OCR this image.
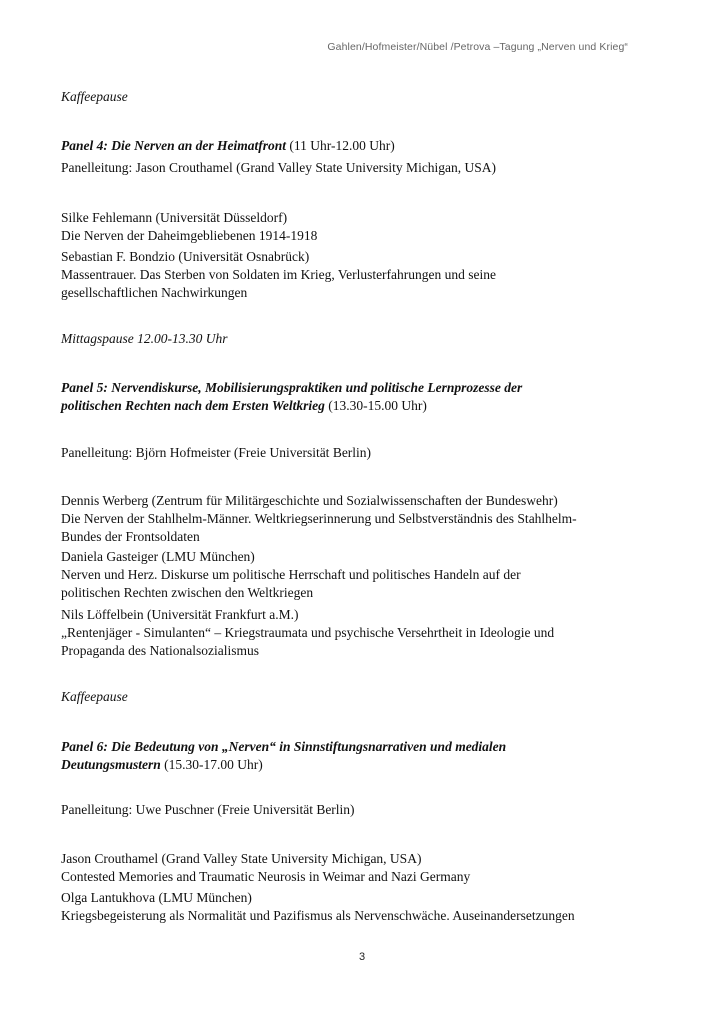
Gahlen/Hofmeister/Nübel /Petrova –Tagung „Nerven und Krieg“
Kaffeepause
Panel 4: Die Nerven an der Heimatfront (11 Uhr-12.00 Uhr)
Panelleitung: Jason Crouthamel (Grand Valley State University Michigan, USA)
Silke Fehlemann (Universität Düsseldorf)
Die Nerven der Daheimgebliebenen 1914-1918
Sebastian F. Bondzio (Universität Osnabrück)
Massentrauer. Das Sterben von Soldaten im Krieg, Verlusterfahrungen und seine
gesellschaftlichen Nachwirkungen
Mittagspause 12.00-13.30 Uhr
Panel 5: Nervendiskurse, Mobilisierungspraktiken und politische Lernprozesse der
politischen Rechten nach dem Ersten Weltkrieg (13.30-15.00 Uhr)
Panelleitung: Björn Hofmeister (Freie Universität Berlin)
Dennis Werberg (Zentrum für Militärgeschichte und Sozialwissenschaften der Bundeswehr)
Die Nerven der Stahlhelm-Männer. Weltkriegserinnerung und Selbstverständnis des Stahlhelm-
Bundes der Frontsoldaten
Daniela Gasteiger (LMU München)
Nerven und Herz. Diskurse um politische Herrschaft und politisches Handeln auf der
politischen Rechten zwischen den Weltkriegen
Nils Löffelbein (Universität Frankfurt a.M.)
„Rentenjäger - Simulanten“ – Kriegstraumata und psychische Versehrtheit in Ideologie und
Propaganda des Nationalsozialismus
Kaffeepause
Panel 6: Die Bedeutung von „Nerven“ in Sinnstiftungsnarrativen und medialen
Deutungsmustern (15.30-17.00 Uhr)
Panelleitung: Uwe Puschner (Freie Universität Berlin)
Jason Crouthamel (Grand Valley State University Michigan, USA)
Contested Memories and Traumatic Neurosis in Weimar and Nazi Germany
Olga Lantukhova (LMU München)
Kriegsbegeisterung als Normalität und Pazifismus als Nervenschwäche. Auseinandersetzungen
3
